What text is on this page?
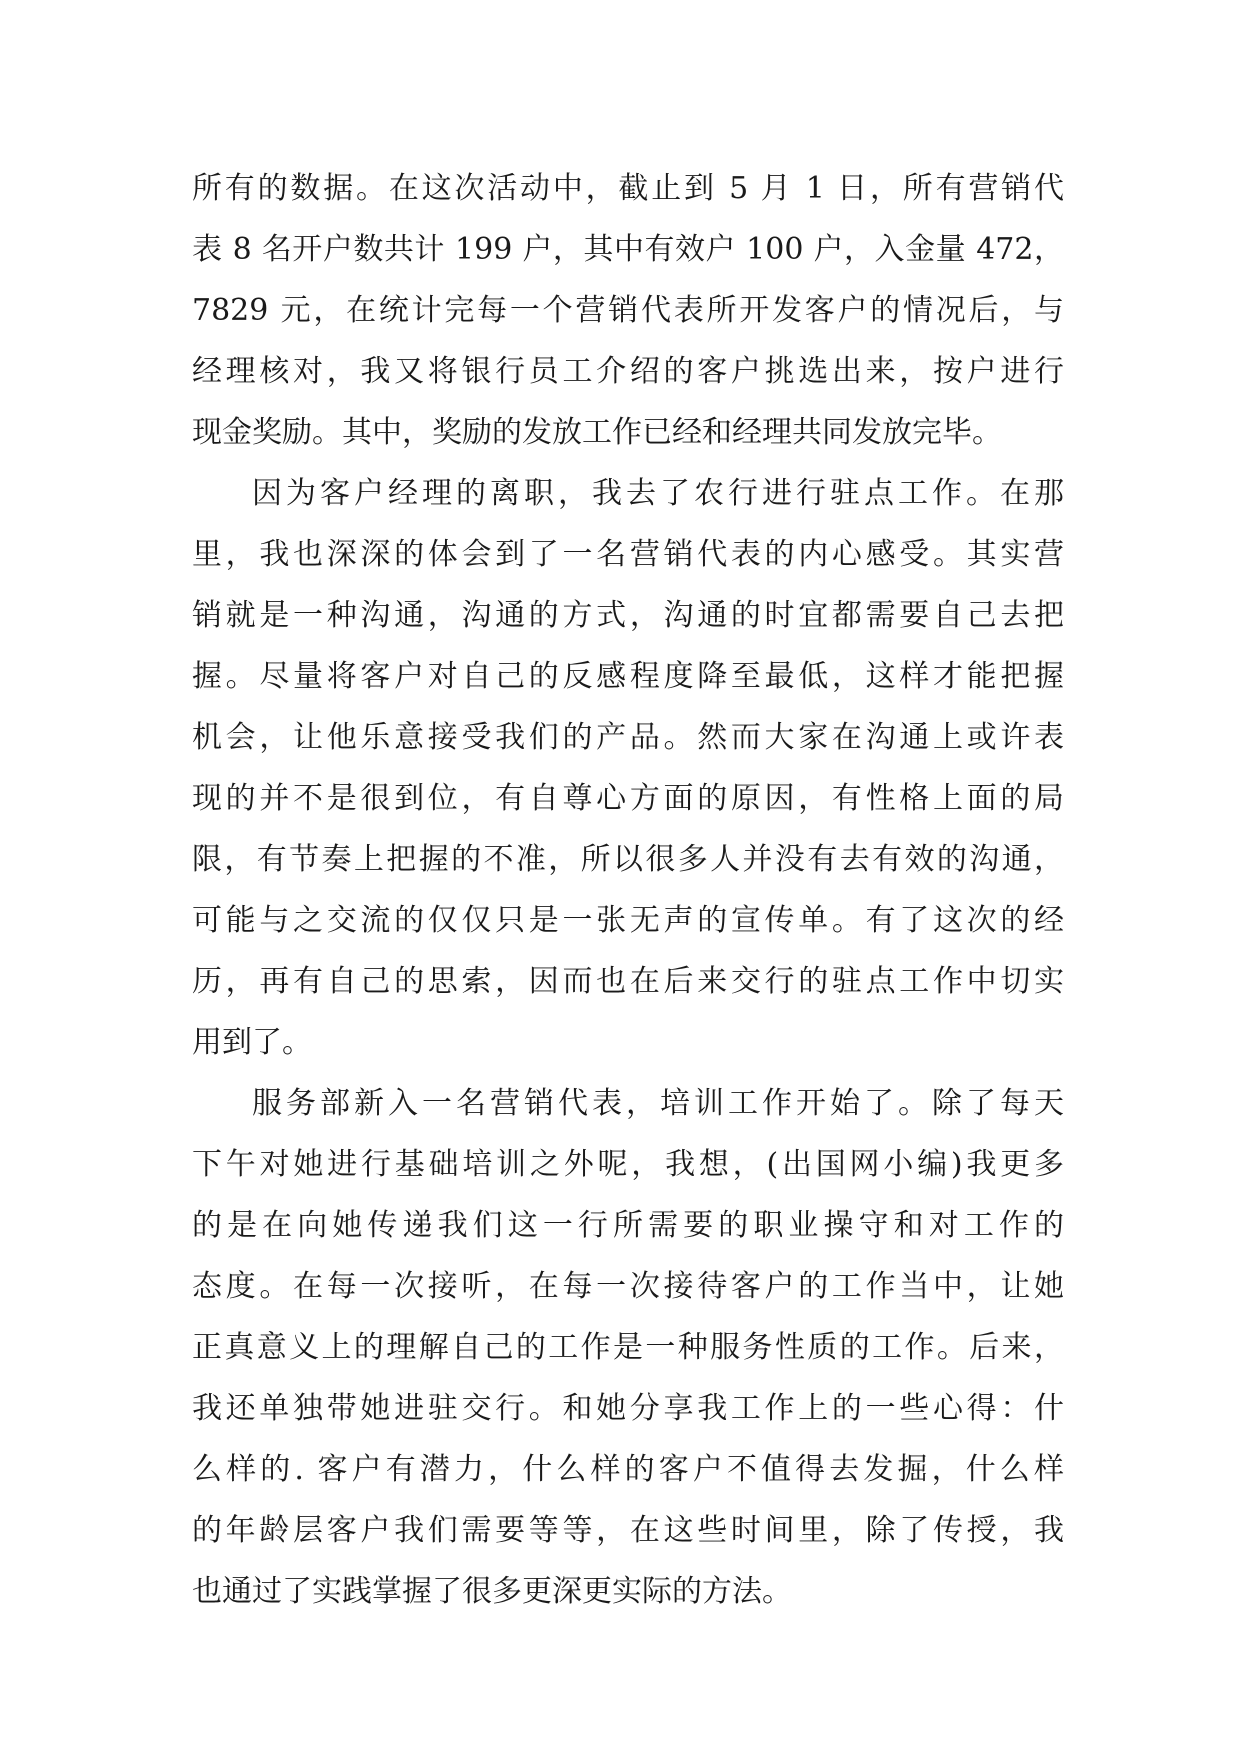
所有的数据。在这次活动中，截止到 5 月 1 日，所有营销代
表 8 名开户数共计 199 户，其中有效户 100 户，入金量 472，
7829 元，在统计完每一个营销代表所开发客户的情况后，与
经理核对，我又将银行员工介绍的客户挑选出来，按户进行
现金奖励。其中，奖励的发放工作已经和经理共同发放完毕。
因为客户经理的离职，我去了农行进行驻点工作。在那
里，我也深深的体会到了一名营销代表的内心感受。其实营
销就是一种沟通，沟通的方式，沟通的时宜都需要自己去把
握。尽量将客户对自己的反感程度降至最低，这样才能把握
机会，让他乐意接受我们的产品。然而大家在沟通上或许表
现的并不是很到位，有自尊心方面的原因，有性格上面的局
限，有节奏上把握的不准，所以很多人并没有去有效的沟通，
可能与之交流的仅仅只是一张无声的宣传单。有了这次的经
历，再有自己的思索，因而也在后来交行的驻点工作中切实
用到了。
服务部新入一名营销代表，培训工作开始了。除了每天
下午对她进行基础培训之外呢，我想，(出国网小编)我更多
的是在向她传递我们这一行所需要的职业操守和对工作的
态度。在每一次接听，在每一次接待客户的工作当中，让她
正真意义上的理解自己的工作是一种服务性质的工作。后来，
我还单独带她进驻交行。和她分享我工作上的一些心得：什
么样的. 客户有潜力，什么样的客户不值得去发掘，什么样
的年龄层客户我们需要等等，在这些时间里，除了传授，我
也通过了实践掌握了很多更深更实际的方法。
